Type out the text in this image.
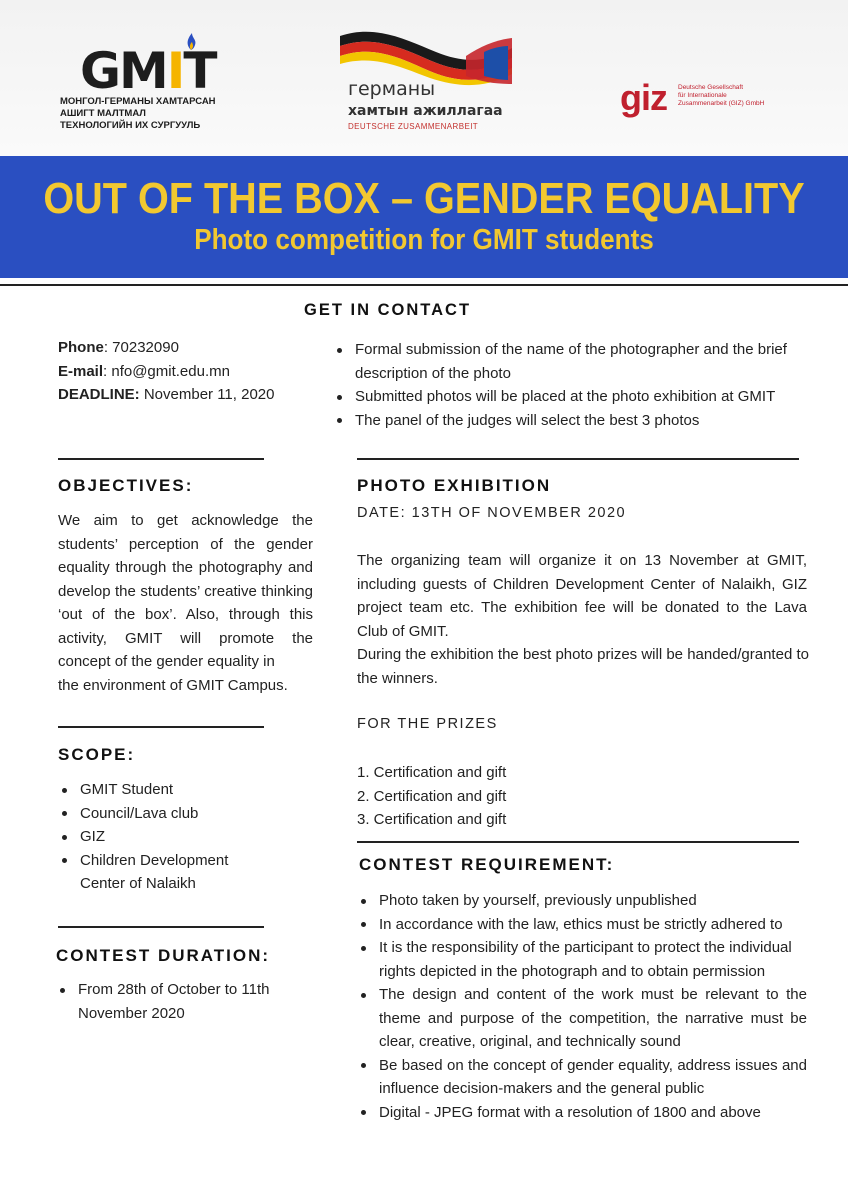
GMIT
МОНГОЛ-ГЕРМАНЫ ХАМТАРСАН
АШИГТ МАЛТМАЛ
ТЕХНОЛОГИЙН ИХ СУРГУУЛЬ
германы
хамтын ажиллагаа
DEUTSCHE ZUSAMMENARBEIT
giz Deutsche Gesellschaft
für Internationale
Zusammenarbeit (GIZ) GmbH
OUT OF THE BOX – GENDER EQUALITY
Photo competition for GMIT students
GET IN CONTACT
Phone: 70232090
E-mail: nfo@gmit.edu.mn
DEADLINE: November 11, 2020
Formal submission of the name of the photographer and the brief description of the photo
Submitted photos will be placed at the photo exhibition at GMIT
The panel of the judges will select the best 3 photos
OBJECTIVES:
We aim to get acknowledge the students’ perception of the gender equality through the photography and develop the students’ creative thinking ‘out of the box’. Also, through this activity, GMIT will promote the
concept of the gender equality in
the environment of GMIT Campus.
SCOPE:
GMIT Student
Council/Lava club
GIZ
Children Development Center of Nalaikh
CONTEST DURATION:
From 28th of October to 11th November 2020
PHOTO EXHIBITION
DATE: 13TH OF NOVEMBER 2020
The organizing team will organize it on 13 November at GMIT, including guests of Children Development Center of Nalaikh, GIZ project team etc. The exhibition fee will be donated to the Lava Club of GMIT.
During the exhibition the best photo prizes will be handed/granted to the winners.
FOR THE PRIZES
1. Certification and gift
2. Certification and gift
3. Certification and gift
CONTEST REQUIREMENT:
Photo taken by yourself, previously unpublished
In accordance with the law, ethics must be strictly adhered to
It is the responsibility of the participant to protect the individual rights depicted in the photograph and to obtain permission
The design and content of the work must be relevant to the theme and purpose of the competition, the narrative must be clear, creative, original, and technically sound
Be based on the concept of gender equality, address issues and influence decision-makers and the general public
Digital - JPEG format with a resolution of 1800 and above
